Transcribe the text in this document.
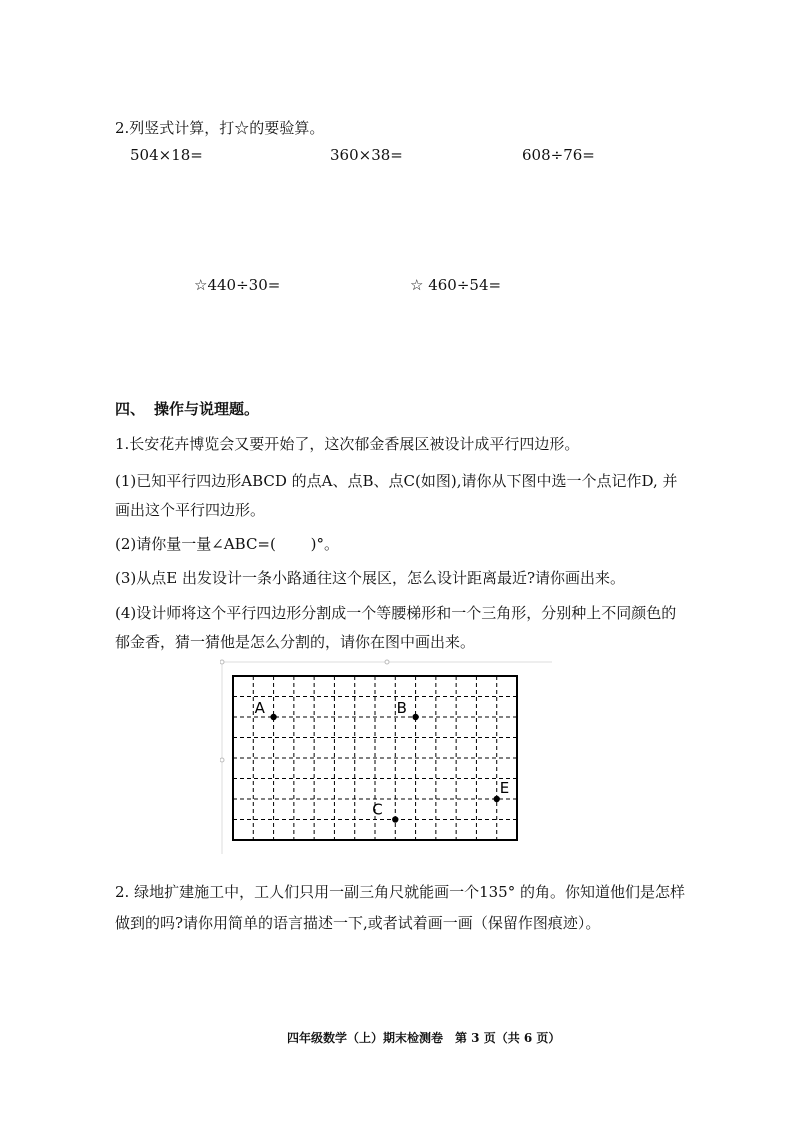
2.列竖式计算，打☆的要验算。
504×18=	360×38=	608÷76=
☆440÷30=	☆ 460÷54=
四、 操作与说理题。
1.长安花卉博览会又要开始了，这次郁金香展区被设计成平行四边形。
(1)已知平行四边形ABCD 的点A、点B、点C(如图),请你从下图中选一个点记作D, 并
画出这个平行四边形。
(2)请你量一量∠ABC=(　　 )°。
(3)从点E 出发设计一条小路通往这个展区，怎么设计距离最近?请你画出来。
(4)设计师将这个平行四边形分割成一个等腰梯形和一个三角形，分别种上不同颜色的
郁金香，猜一猜他是怎么分割的，请你在图中画出来。
A	B
C
E
2. 绿地扩建施工中，工人们只用一副三角尺就能画一个135° 的角。你知道他们是怎样
做到的吗?请你用简单的语言描述一下,或者试着画一画（保留作图痕迹）。
四年级数学（上）期末检测卷　第 3 页（共 6 页）
